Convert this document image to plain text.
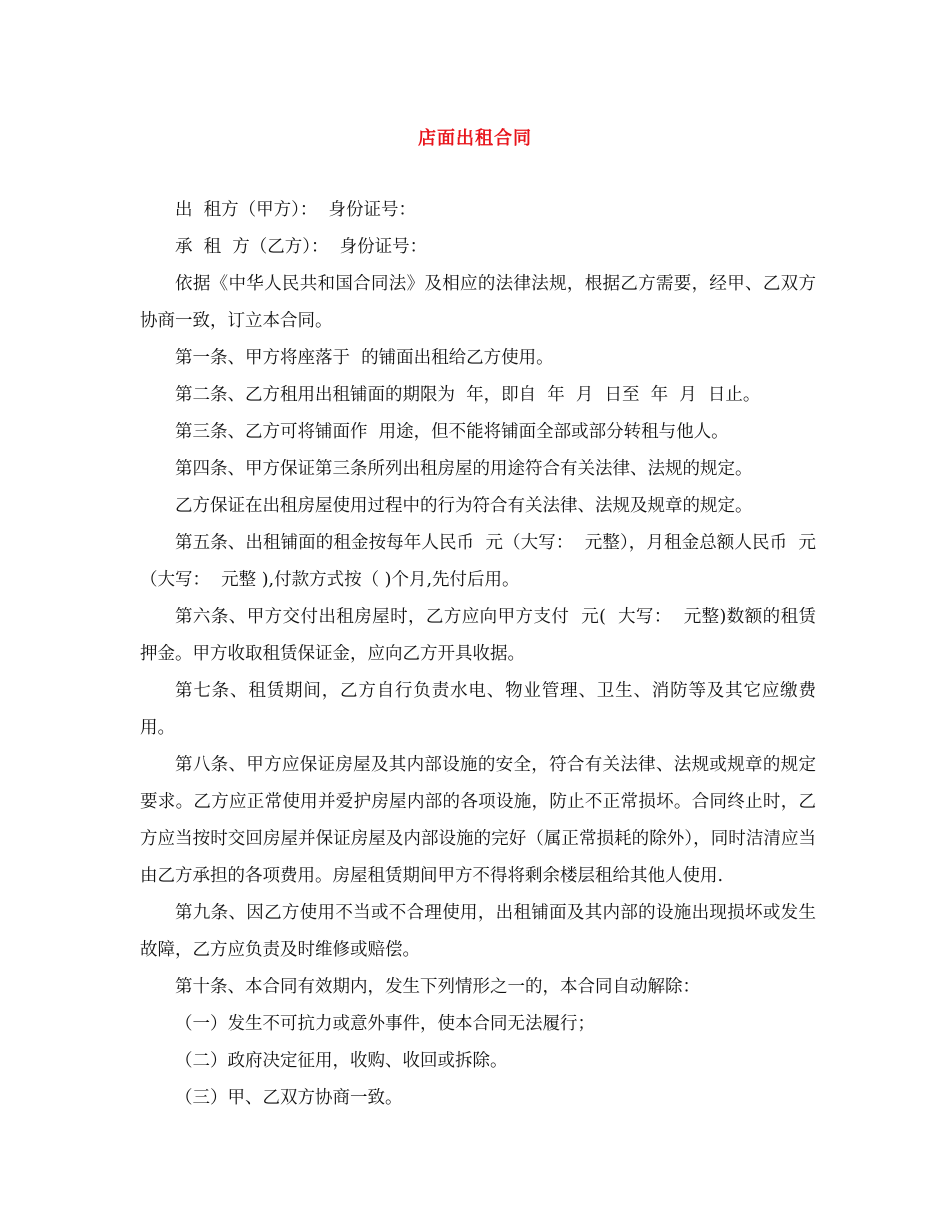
店面出租合同

出  租方（甲方）：  身份证号：

承  租  方（乙方）：  身份证号：

依据《中华人民共和国合同法》及相应的法律法规，根据乙方需要，经甲、乙双方协商一致，订立本合同。

第一条、甲方将座落于  的铺面出租给乙方使用。

第二条、乙方租用出租铺面的期限为  年，即自  年  月  日至  年  月  日止。

第三条、乙方可将铺面作  用途，但不能将铺面全部或部分转租与他人。

第四条、甲方保证第三条所列出租房屋的用途符合有关法律、法规的规定。

乙方保证在出租房屋使用过程中的行为符合有关法律、法规及规章的规定。

第五条、出租铺面的租金按每年人民币  元（大写：  元整），月租金总额人民币  元（大写：  元整 ),付款方式按（ )个月,先付后用。

第六条、甲方交付出租房屋时，乙方应向甲方支付  元(  大写：  元整)数额的租赁押金。甲方收取租赁保证金，应向乙方开具收据。

第七条、租赁期间，乙方自行负责水电、物业管理、卫生、消防等及其它应缴费用。

第八条、甲方应保证房屋及其内部设施的安全，符合有关法律、法规或规章的规定要求。乙方应正常使用并爱护房屋内部的各项设施，防止不正常损坏。合同终止时，乙方应当按时交回房屋并保证房屋及内部设施的完好（属正常损耗的除外），同时洁清应当由乙方承担的各项费用。房屋租赁期间甲方不得将剩余楼层租给其他人使用.

第九条、因乙方使用不当或不合理使用，出租铺面及其内部的设施出现损坏或发生故障，乙方应负责及时维修或赔偿。

第十条、本合同有效期内，发生下列情形之一的，本合同自动解除：

（一）发生不可抗力或意外事件，使本合同无法履行；

（二）政府决定征用，收购、收回或拆除。

（三）甲、乙双方协商一致。
